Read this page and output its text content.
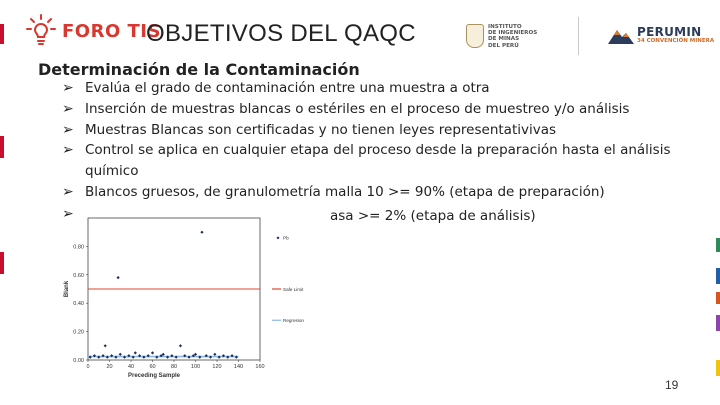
FORO TIS
OBJETIVOS DEL QAQC	INSTITUTO
DE INGENIEROS
DE MINAS
DEL PERÚ
PERUMIN
34 CONVENCIÓN MINERA
Determinación de la Contaminación
➢ Evalúa el grado de contaminación entre una muestra a otra
➢ Inserción de muestras blancas o estériles en el proceso de muestreo y/o análisis
➢ Muestras Blancas son certificadas y no tienen leyes representativivas
➢ Control se aplica en cualquier etapa del proceso desde la preparación hasta el análisis químico
➢ Blancos gruesos, de granulometría malla 10 >= 90% (etapa de preparación)
➢	asa >= 2% (etapa de análisis)
0.00
0.20
0.40
0.60
0.80
0	20	40	60	80	100 120 140 160
Preceding Sample
Blank
Pb
Safe Limit
Regresion
19
